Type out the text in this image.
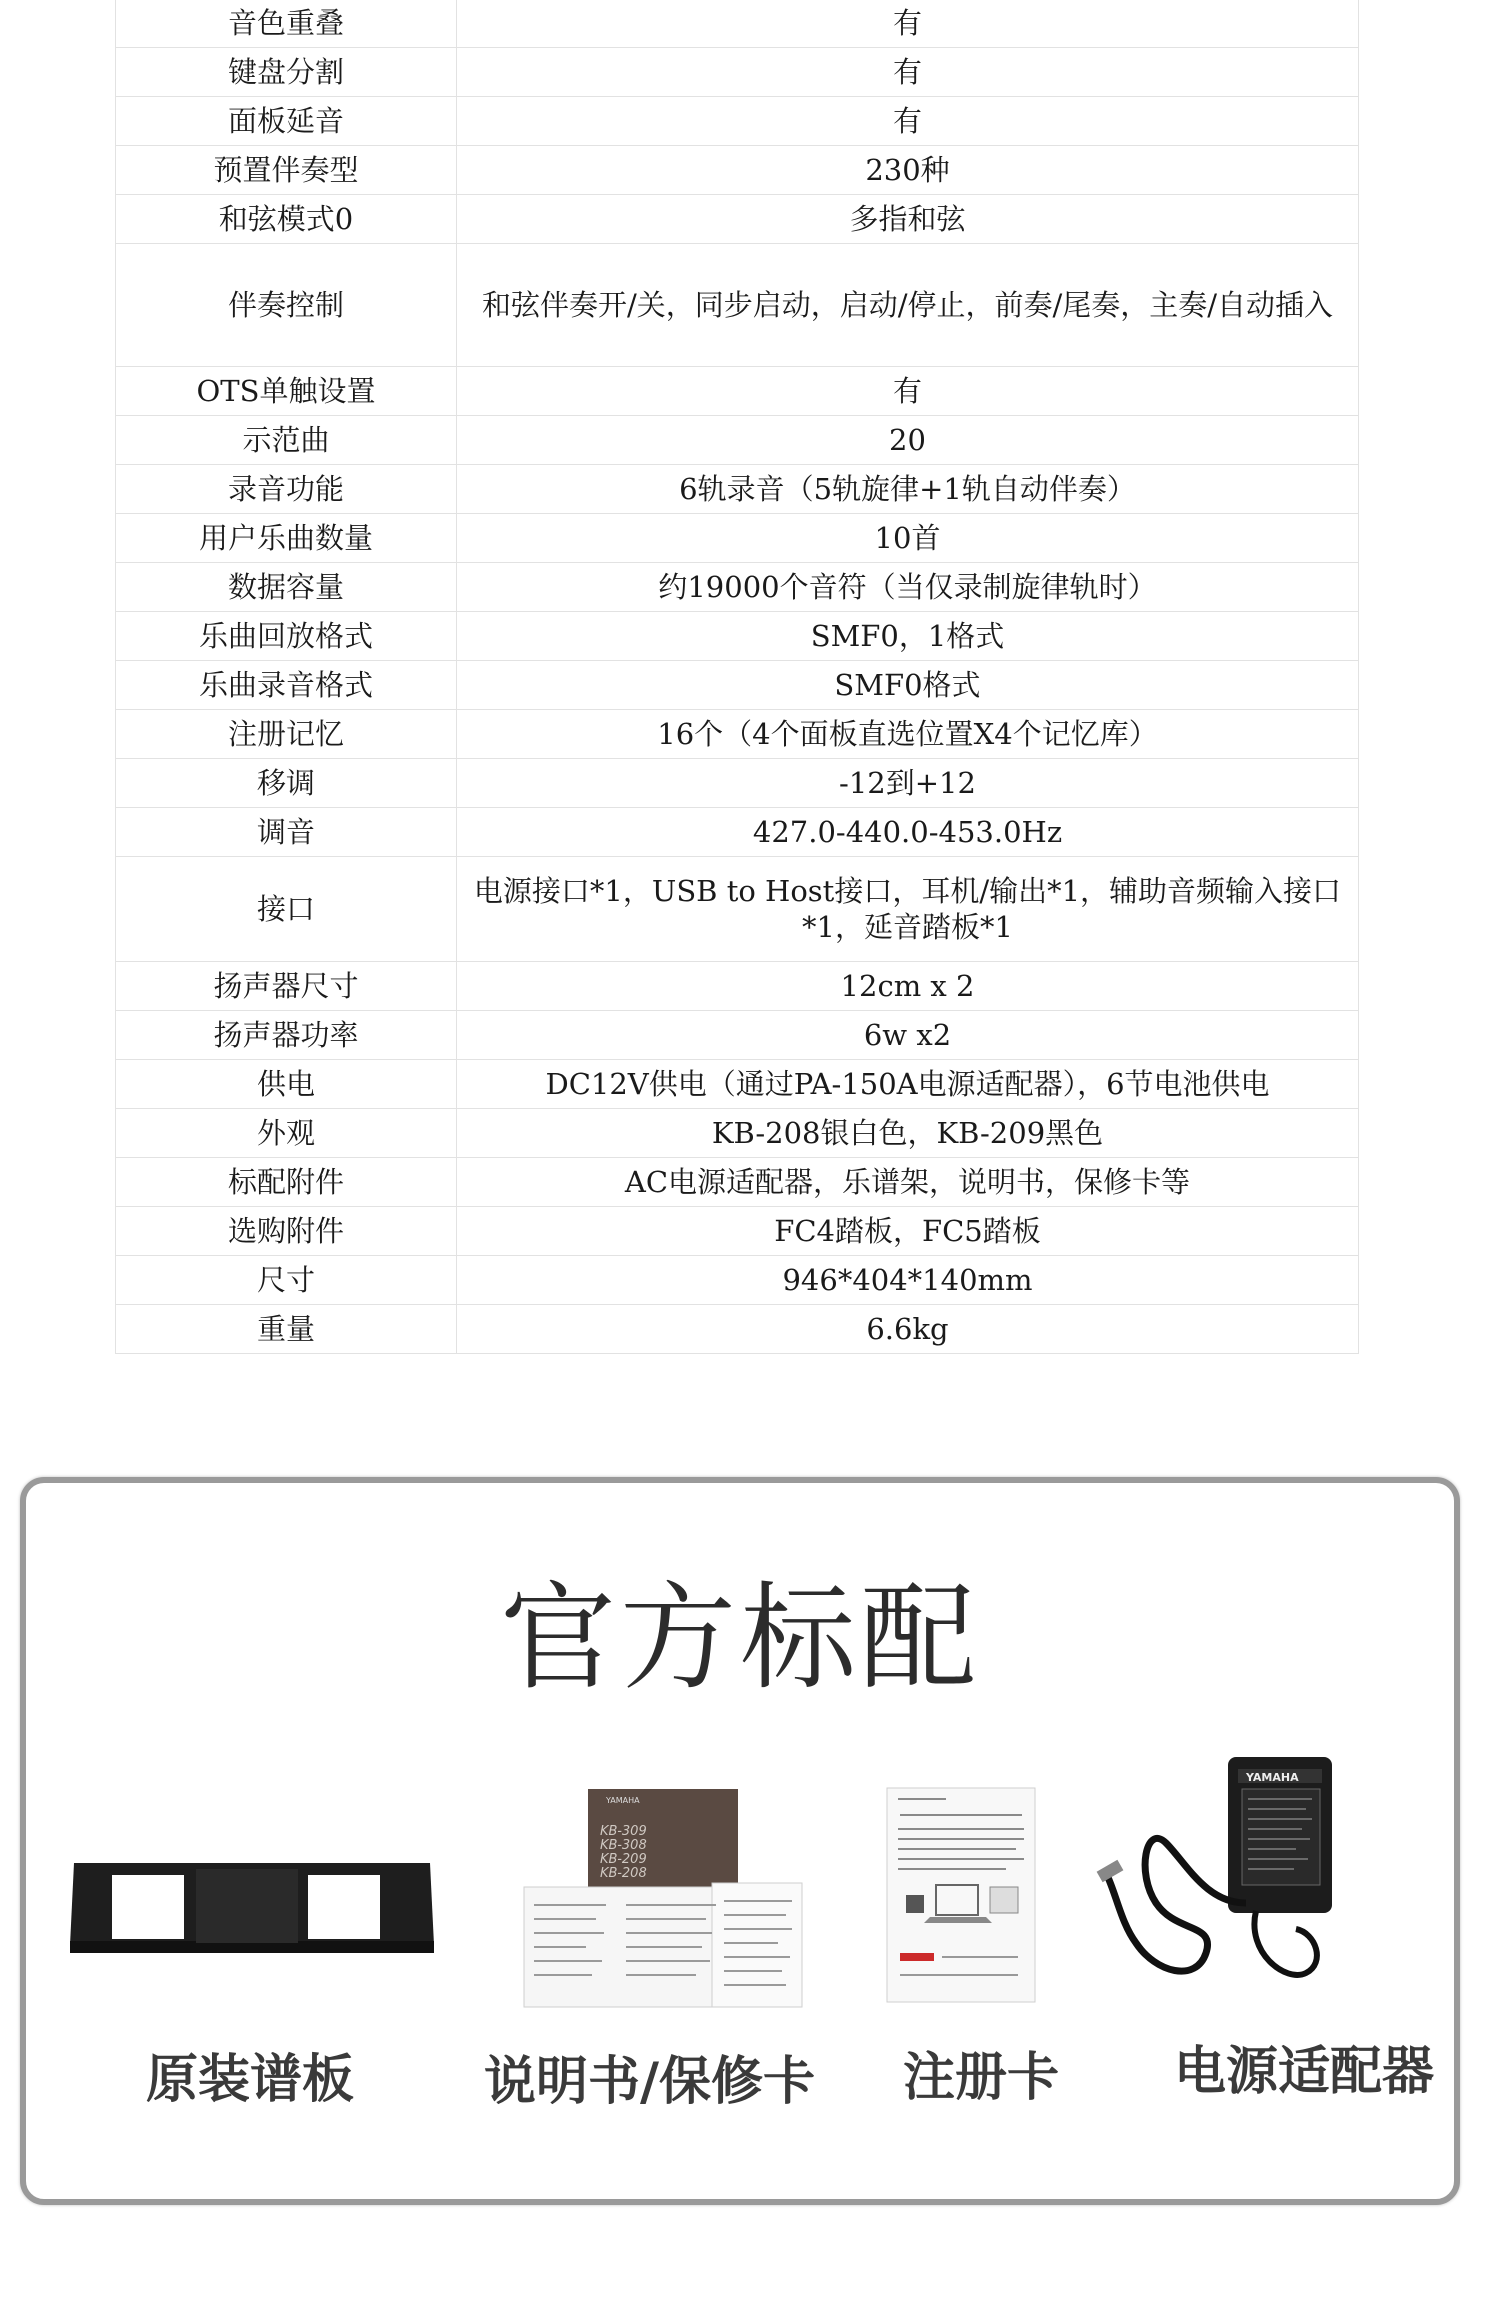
音色重叠	有
键盘分割	有
面板延音	有
预置伴奏型	230种
和弦模式0	多指和弦
伴奏控制	和弦伴奏开/关，同步启动，启动/停止，前奏/尾奏，主奏/自动插入
OTS单触设置	有
示范曲	20
录音功能	6轨录音（5轨旋律+1轨自动伴奏）
用户乐曲数量	10首
数据容量	约19000个音符（当仅录制旋律轨时）
乐曲回放格式	SMF0，1格式
乐曲录音格式	SMF0格式
注册记忆	16个（4个面板直选位置X4个记忆库）
移调	-12到+12
调音	427.0-440.0-453.0Hz
接口	电源接口*1，USB to Host接口，耳机/输出*1，辅助音频输入接口*1，延音踏板*1
扬声器尺寸	12cm x 2
扬声器功率	6w x2
供电	DC12V供电（通过PA-150A电源适配器），6节电池供电
外观	KB-208银白色，KB-209黑色
标配附件	AC电源适配器，乐谱架，说明书，保修卡等
选购附件	FC4踏板，FC5踏板
尺寸	946*404*140mm
重量	6.6kg
官方标配
原装谱板
YAMAHA
KB-309
KB-308
KB-209
KB-208
说明书/保修卡 注册卡
YAMAHA
电源适配器
